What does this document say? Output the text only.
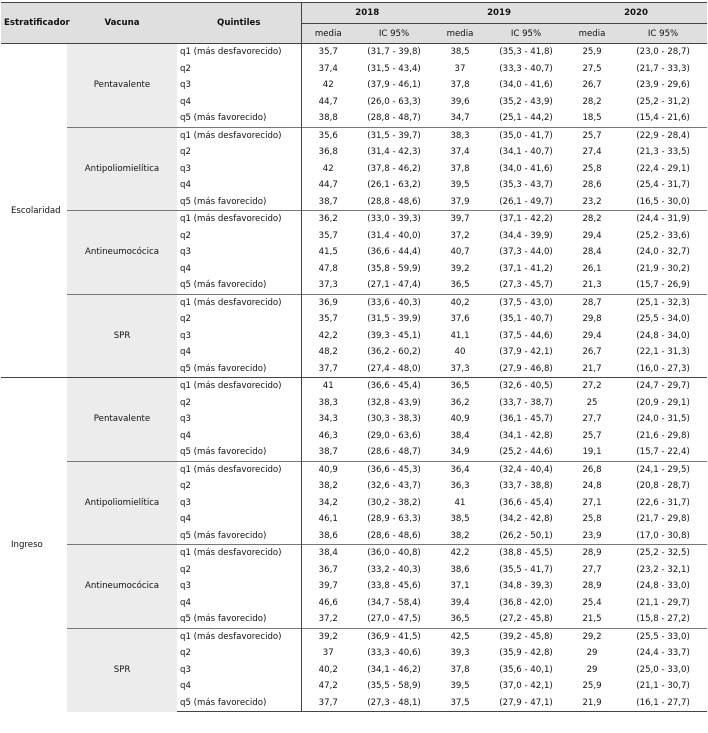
Estratificador	Vacuna	Quintiles	2018		2019		2020	
			media	IC 95%	media	IC 95%	media	IC 95%
Escolaridad	Pentavalente	q1 (más desfavorecido)	35,7	(31,7 - 39,8)	38,5	(35,3 - 41,8)	25,9	(23,0 - 28,7)
		q2	37,4	(31,5 - 43,4)	37	(33,3 - 40,7)	27,5	(21,7 - 33,3)
		q3	42	(37,9 - 46,1)	37,8	(34,0 - 41,6)	26,7	(23,9 - 29,6)
		q4	44,7	(26,0 - 63,3)	39,6	(35,2 - 43,9)	28,2	(25,2 - 31,2)
		q5 (más favorecido)	38,8	(28,8 - 48,7)	34,7	(25,1 - 44,2)	18,5	(15,4 - 21,6)
	Antipoliomielítica	q1 (más desfavorecido)	35,6	(31,5 - 39,7)	38,3	(35,0 - 41,7)	25,7	(22,9 - 28,4)
		q2	36,8	(31,4 - 42,3)	37,4	(34,1 - 40,7)	27,4	(21,3 - 33,5)
		q3	42	(37,8 - 46,2)	37,8	(34,0 - 41,6)	25,8	(22,4 - 29,1)
		q4	44,7	(26,1 - 63,2)	39,5	(35,3 - 43,7)	28,6	(25,4 - 31,7)
		q5 (más favorecido)	38,7	(28,8 - 48,6)	37,9	(26,1 - 49,7)	23,2	(16,5 - 30,0)
	Antineumocócica	q1 (más desfavorecido)	36,2	(33,0 - 39,3)	39,7	(37,1 - 42,2)	28,2	(24,4 - 31,9)
		q2	35,7	(31,4 - 40,0)	37,2	(34,4 - 39,9)	29,4	(25,2 - 33,6)
		q3	41,5	(36,6 - 44,4)	40,7	(37,3 - 44,0)	28,4	(24,0 - 32,7)
		q4	47,8	(35,8 - 59,9)	39,2	(37,1 - 41,2)	26,1	(21,9 - 30,2)
		q5 (más favorecido)	37,3	(27,1 - 47,4)	36,5	(27,3 - 45,7)	21,3	(15,7 - 26,9)
	SPR	q1 (más desfavorecido)	36,9	(33,6 - 40,3)	40,2	(37,5 - 43,0)	28,7	(25,1 - 32,3)
		q2	35,7	(31,5 - 39,9)	37,6	(35,1 - 40,7)	29,8	(25,5 - 34,0)
		q3	42,2	(39,3 - 45,1)	41,1	(37,5 - 44,6)	29,4	(24,8 - 34,0)
		q4	48,2	(36,2 - 60,2)	40	(37,9 - 42,1)	26,7	(22,1 - 31,3)
		q5 (más favorecido)	37,7	(27,4 - 48,0)	37,3	(27,9 - 46,8)	21,7	(16,0 - 27,3)
Ingreso	Pentavalente	q1 (más desfavorecido)	41	(36,6 - 45,4)	36,5	(32,6 - 40,5)	27,2	(24,7 - 29,7)
		q2	38,3	(32,8 - 43,9)	36,2	(33,7 - 38,7)	25	(20,9 - 29,1)
		q3	34,3	(30,3 - 38,3)	40,9	(36,1 - 45,7)	27,7	(24,0 - 31,5)
		q4	46,3	(29,0 - 63,6)	38,4	(34,1 - 42,8)	25,7	(21,6 - 29,8)
		q5 (más favorecido)	38,7	(28,6 - 48,7)	34,9	(25,2 - 44,6)	19,1	(15,7 - 22,4)
	Antipoliomielítica	q1 (más desfavorecido)	40,9	(36,6 - 45,3)	36,4	(32,4 - 40,4)	26,8	(24,1 - 29,5)
		q2	38,2	(32,6 - 43,7)	36,3	(33,7 - 38,8)	24,8	(20,8 - 28,7)
		q3	34,2	(30,2 - 38,2)	41	(36,6 - 45,4)	27,1	(22,6 - 31,7)
		q4	46,1	(28,9 - 63,3)	38,5	(34,2 - 42,8)	25,8	(21,7 - 29,8)
		q5 (más favorecido)	38,6	(28,6 - 48,6)	38,2	(26,2 - 50,1)	23,9	(17,0 - 30,8)
	Antineumocócica	q1 (más desfavorecido)	38,4	(36,0 - 40,8)	42,2	(38,8 - 45,5)	28,9	(25,2 - 32,5)
		q2	36,7	(33,2 - 40,3)	38,6	(35,5 - 41,7)	27,7	(23,2 - 32,1)
		q3	39,7	(33,8 - 45,6)	37,1	(34,8 - 39,3)	28,9	(24,8 - 33,0)
		q4	46,6	(34,7 - 58,4)	39,4	(36,8 - 42,0)	25,4	(21,1 - 29,7)
		q5 (más favorecido)	37,2	(27,0 - 47,5)	36,5	(27,2 - 45,8)	21,5	(15,8 - 27,2)
	SPR	q1 (más desfavorecido)	39,2	(36,9 - 41,5)	42,5	(39,2 - 45,8)	29,2	(25,5 - 33,0)
		q2	37	(33,3 - 40,6)	39,3	(35,9 - 42,8)	29	(24,4 - 33,7)
		q3	40,2	(34,1 - 46,2)	37,8	(35,6 - 40,1)	29	(25,0 - 33,0)
		q4	47,2	(35,5 - 58,9)	39,5	(37,0 - 42,1)	25,9	(21,1 - 30,7)
		q5 (más favorecido)	37,7	(27,3 - 48,1)	37,5	(27,9 - 47,1)	21,9	(16,1 - 27,7)
